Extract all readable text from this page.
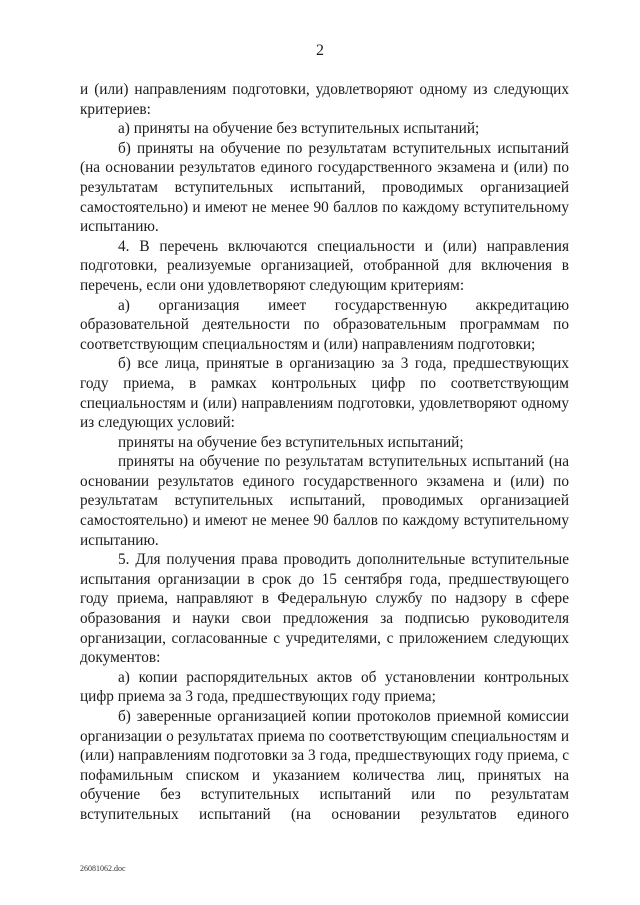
2

и (или) направлениям подготовки, удовлетворяют одному из следующих критериев:

а) приняты на обучение без вступительных испытаний;

б) приняты на обучение по результатам вступительных испытаний (на основании результатов единого государственного экзамена и (или) по результатам вступительных испытаний, проводимых организацией самостоятельно) и имеют не менее 90 баллов по каждому вступительному испытанию.

4. В перечень включаются специальности и (или) направления подготовки, реализуемые организацией, отобранной для включения в перечень, если они удовлетворяют следующим критериям:

а) организация имеет государственную аккредитацию образовательной деятельности по образовательным программам по соответствующим специальностям и (или) направлениям подготовки;

б) все лица, принятые в организацию за 3 года, предшествующих году приема, в рамках контрольных цифр по соответствующим специальностям и (или) направлениям подготовки, удовлетворяют одному из следующих условий:

приняты на обучение без вступительных испытаний;

приняты на обучение по результатам вступительных испытаний (на основании результатов единого государственного экзамена и (или) по результатам вступительных испытаний, проводимых организацией самостоятельно) и имеют не менее 90 баллов по каждому вступительному испытанию.

5. Для получения права проводить дополнительные вступительные испытания организации в срок до 15 сентября года, предшествующего году приема, направляют в Федеральную службу по надзору в сфере образования и науки свои предложения за подписью руководителя организации, согласованные с учредителями, с приложением следующих документов:

а) копии распорядительных актов об установлении контрольных цифр приема за 3 года, предшествующих году приема;

б) заверенные организацией копии протоколов приемной комиссии организации о результатах приема по соответствующим специальностям и (или) направлениям подготовки за 3 года, предшествующих году приема, с пофамильным списком и указанием количества лиц, принятых на обучение без вступительных испытаний или по результатам вступительных испытаний (на основании результатов единого

26081062.doc
